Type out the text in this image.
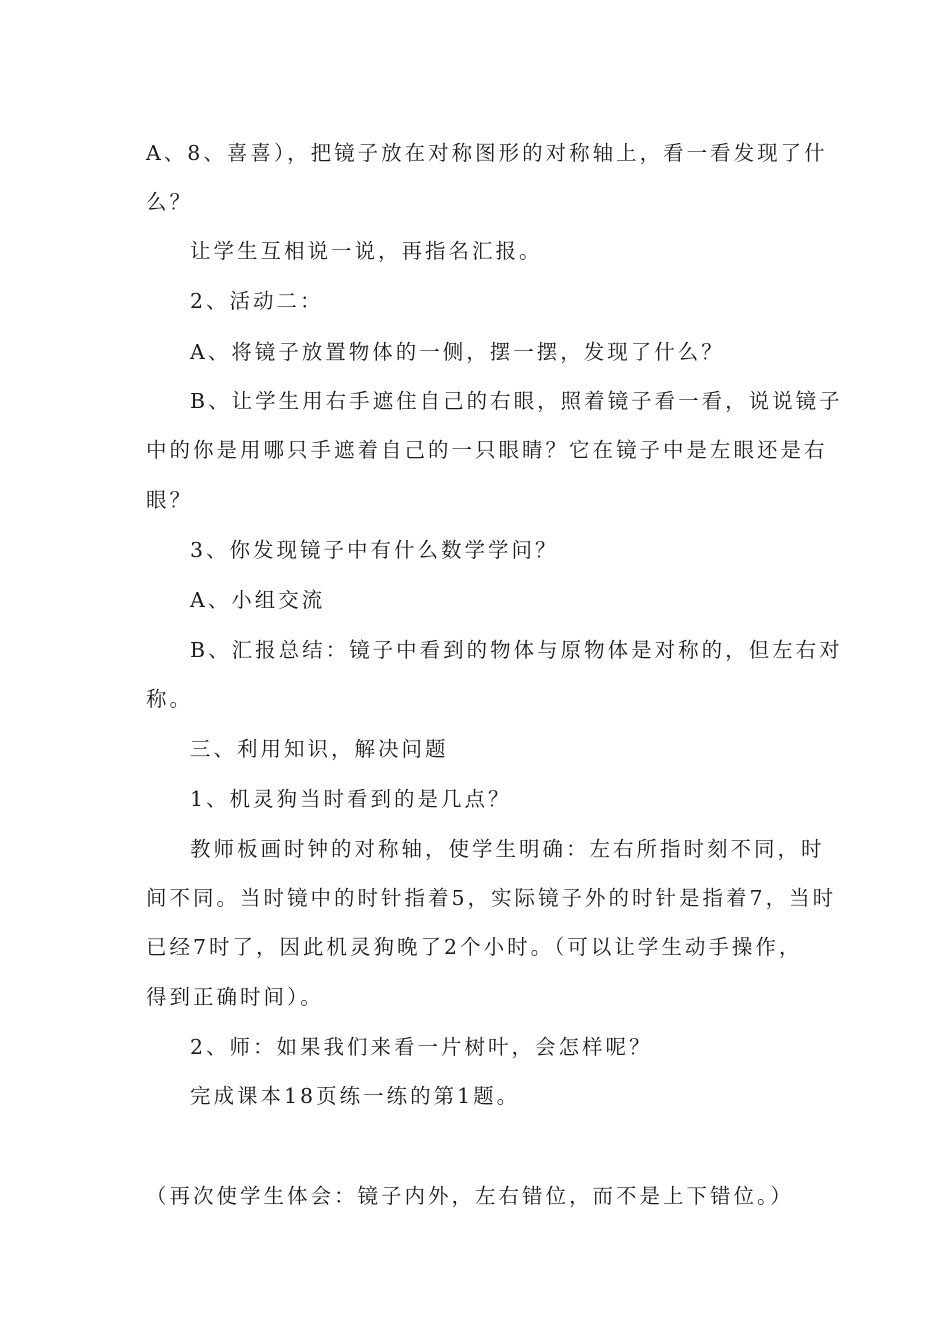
A、8、喜喜），把镜子放在对称图形的对称轴上，看一看发现了什
么？
让学生互相说一说，再指名汇报。
2、活动二：
A、将镜子放置物体的一侧，摆一摆，发现了什么？
B、让学生用右手遮住自己的右眼，照着镜子看一看，说说镜子
中的你是用哪只手遮着自己的一只眼睛？它在镜子中是左眼还是右
眼？
3、你发现镜子中有什么数学学问？
A、小组交流
B、汇报总结：镜子中看到的物体与原物体是对称的，但左右对
称。
三、利用知识，解决问题
1、机灵狗当时看到的是几点？
教师板画时钟的对称轴，使学生明确：左右所指时刻不同，时
间不同。当时镜中的时针指着5，实际镜子外的时针是指着7，当时
已经7时了，因此机灵狗晚了2个小时。（可以让学生动手操作，
得到正确时间）。
2、师：如果我们来看一片树叶，会怎样呢？
完成课本18页练一练的第1题。
（再次使学生体会：镜子内外，左右错位，而不是上下错位。）
